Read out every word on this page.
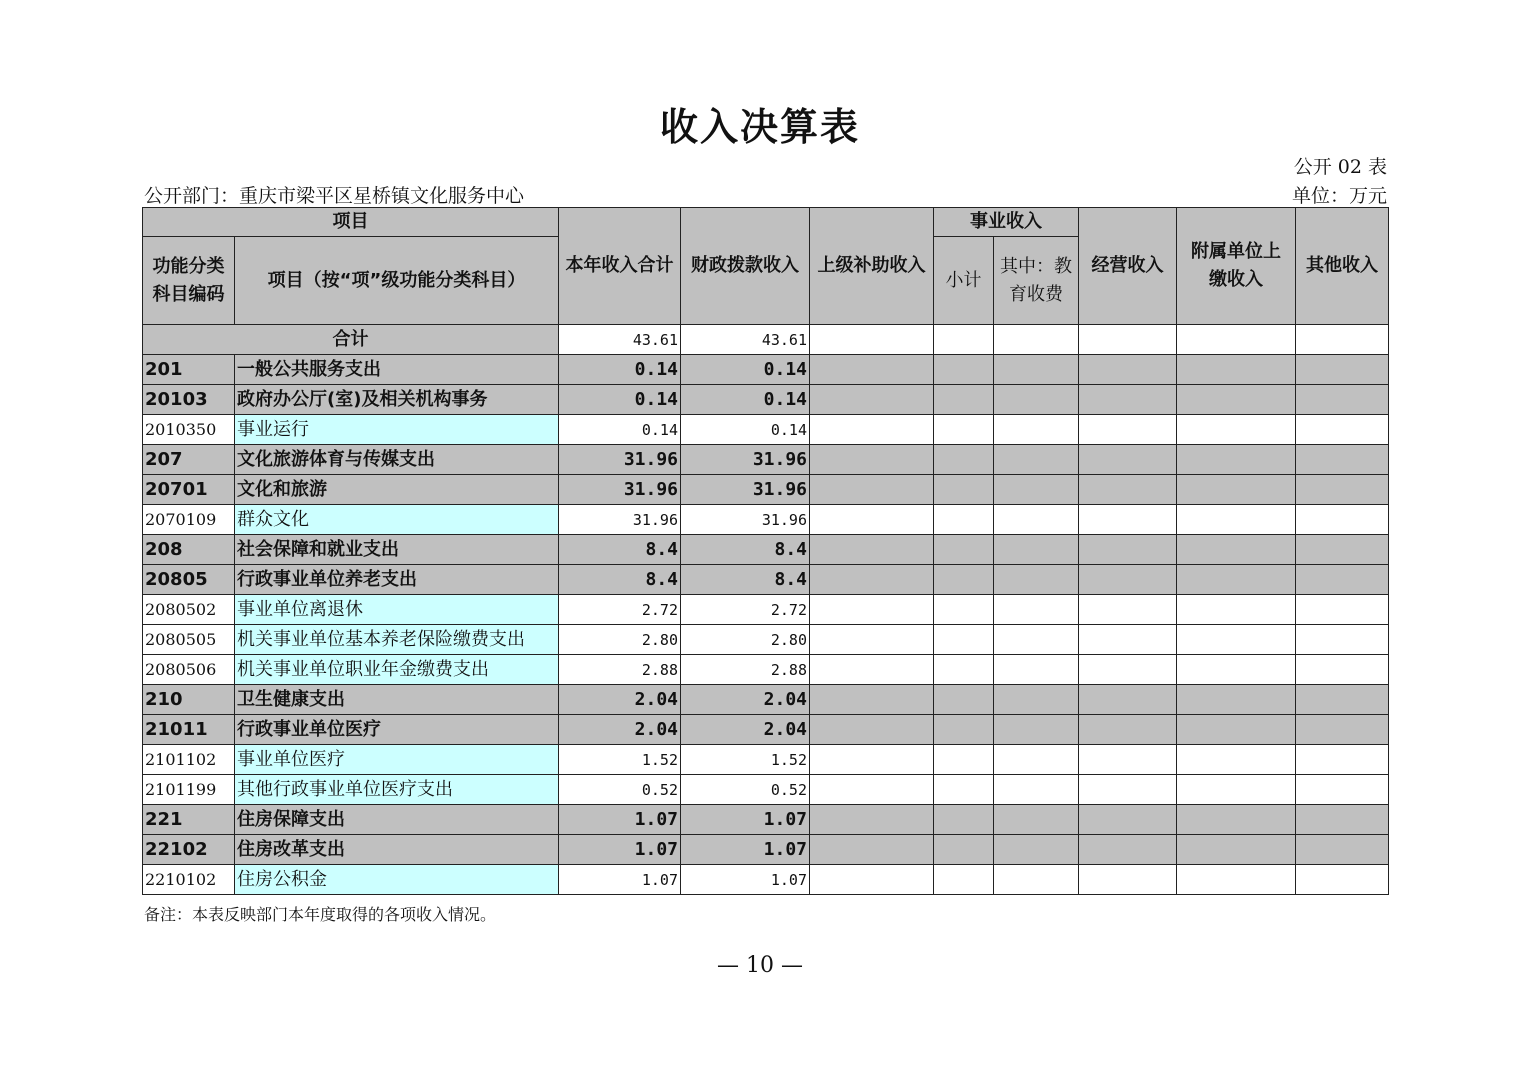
收入决算表
公开 02 表
公开部门：重庆市梁平区星桥镇文化服务中心	单位：万元
项目		本年收入合计	财政拨款收入	上级补助收入	事业收入		经营收入	附属单位上缴收入	其他收入
功能分类科目编码	项目（按“项”级功能分类科目）				小计	其中：教育收费			
合计		43.61	43.61						
201	一般公共服务支出	0.14	0.14						
20103	政府办公厅(室)及相关机构事务	0.14	0.14						
2010350	事业运行	0.14	0.14						
207	文化旅游体育与传媒支出	31.96	31.96						
20701	文化和旅游	31.96	31.96						
2070109	群众文化	31.96	31.96						
208	社会保障和就业支出	8.4	8.4						
20805	行政事业单位养老支出	8.4	8.4						
2080502	事业单位离退休	2.72	2.72						
2080505	机关事业单位基本养老保险缴费支出	2.80	2.80						
2080506	机关事业单位职业年金缴费支出	2.88	2.88						
210	卫生健康支出	2.04	2.04						
21011	行政事业单位医疗	2.04	2.04						
2101102	事业单位医疗	1.52	1.52						
2101199	其他行政事业单位医疗支出	0.52	0.52						
221	住房保障支出	1.07	1.07						
22102	住房改革支出	1.07	1.07						
2210102	住房公积金	1.07	1.07						
备注：本表反映部门本年度取得的各项收入情况。
— 10 —
